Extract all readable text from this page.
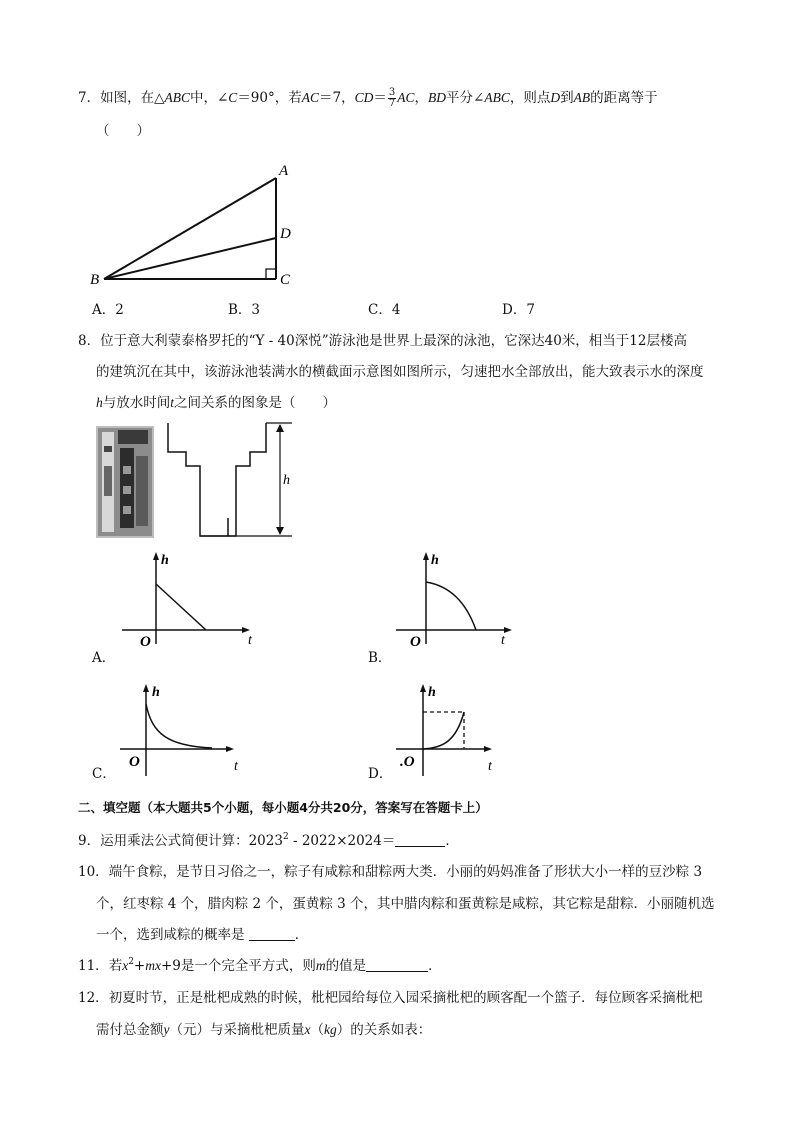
7．如图，在△ABC中，∠C＝90°，若AC＝7，$CD= \frac{3}{7}$ AC，BD平分∠ABC，则点D到AB的距离等于
（　　）
A
B	C
D
A．2	B．3	C．4	D．7
8．位于意大利蒙泰格罗托的“Y - 40深悦”游泳池是世界上最深的泳池，它深达40米，相当于12层楼高
的建筑沉在其中，该游泳池装满水的横截面示意图如图所示，匀速把水全部放出，能大致表示水的深度
h与放水时间t之间关系的图象是（　　）
h
h
t
O
A．
h
t
O
B．
h
t
O
C．
h
t
.O
D．
二、填空题（本大题共5个小题，每小题4分共20分，答案写在答题卡上）
9．运用乘法公式简便计算：2023$^2$ - 2022×2024＝	．
10．端午食粽，是节日习俗之一，粽子有咸粽和甜粽两大类．小丽的妈妈准备了形状大小一样的豆沙粽 3
个，红枣粽 4 个，腊肉粽 2 个，蛋黄粽 3 个，其中腊肉粽和蛋黄粽是咸粽，其它粽是甜粽．小丽随机选
一个，选到咸粽的概率是	．
11．若$x^2+mx+9$是一个完全平方式，则m的值是	．
12．初夏时节，正是枇杷成熟的时候，枇杷园给每位入园采摘枇杷的顾客配一个篮子．每位顾客采摘枇杷
需付总金额y（元）与采摘枇杷质量x（kg）的关系如表：
